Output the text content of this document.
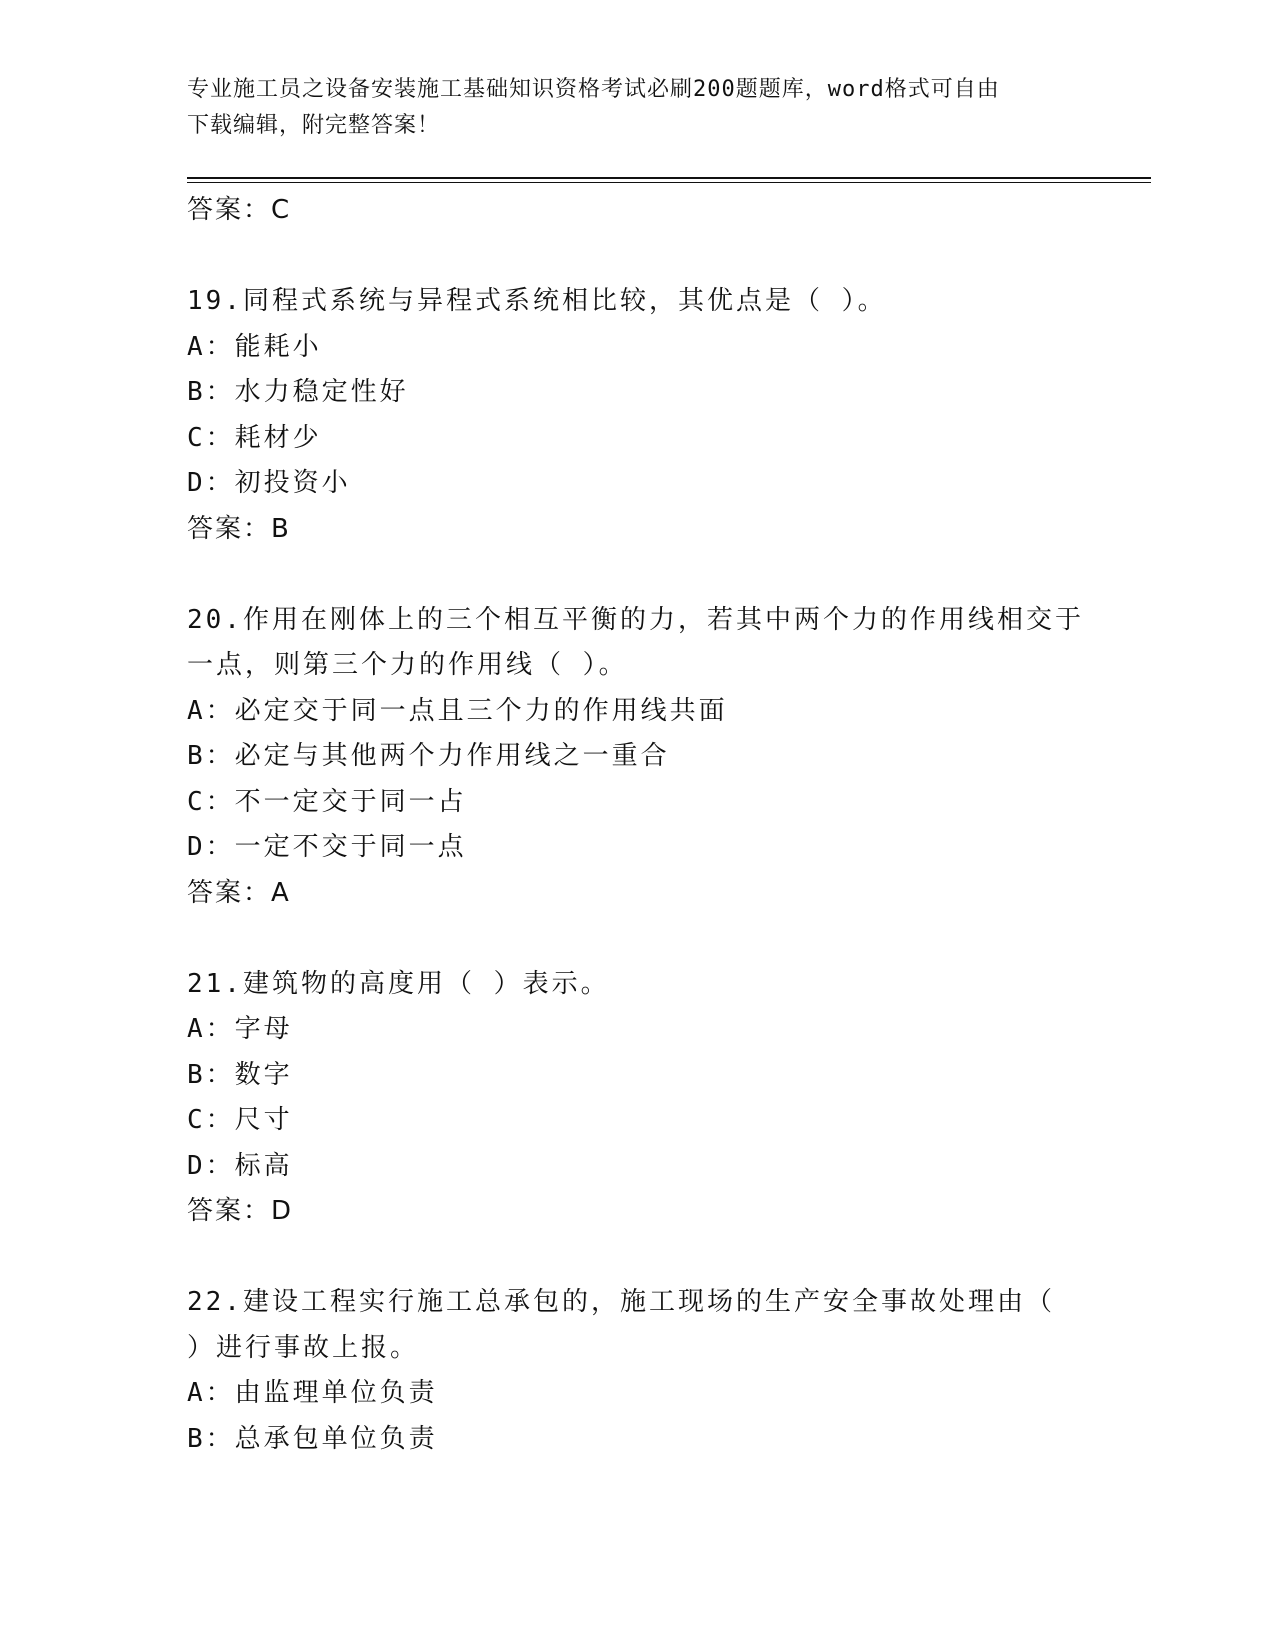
专业施工员之设备安装施工基础知识资格考试必刷200题题库，word格式可自由
下载编辑，附完整答案！
答案：C
19.同程式系统与异程式系统相比较，其优点是（ ）。
A：能耗小
B：水力稳定性好
C：耗材少
D：初投资小
答案：B
20.作用在刚体上的三个相互平衡的力，若其中两个力的作用线相交于
一点，则第三个力的作用线（ ）。
A：必定交于同一点且三个力的作用线共面
B：必定与其他两个力作用线之一重合
C：不一定交于同一占
D：一定不交于同一点
答案：A
21.建筑物的高度用（ ）表示。
A：字母
B：数字
C：尺寸
D：标高
答案：D
22.建设工程实行施工总承包的，施工现场的生产安全事故处理由（
）进行事故上报。
A：由监理单位负责
B：总承包单位负责
